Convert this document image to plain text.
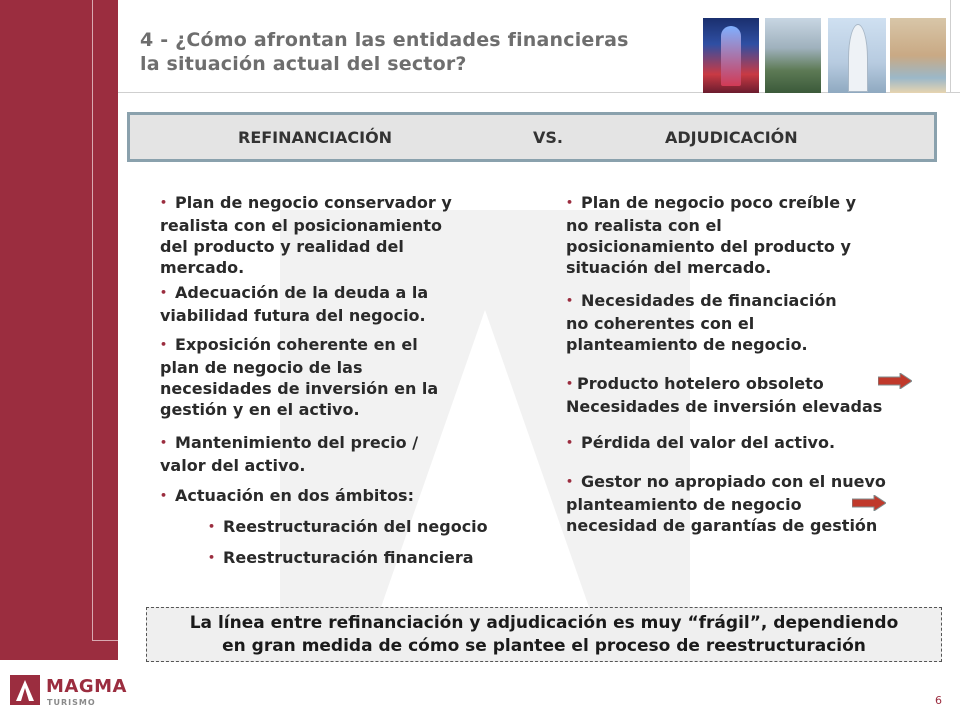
4 - ¿Cómo afrontan las entidades financieras
la situación actual del sector?
REFINANCIACIÓN	VS.	ADJUDICACIÓN
• Plan de negocio conservador y
realista con el posicionamiento
del producto y realidad del
mercado.
• Adecuación de la deuda a la
viabilidad futura del negocio.
• Exposición coherente en el
plan de negocio de las
necesidades de inversión en la
gestión y en el activo.
• Mantenimiento del precio /
valor del activo.
• Actuación en dos ámbitos:
• Reestructuración del negocio
• Reestructuración financiera
• Plan de negocio poco creíble y
no realista con el
posicionamiento del producto y
situación del mercado.
• Necesidades de financiación
no coherentes con el
planteamiento de negocio.
• Producto hotelero obsoleto
Necesidades de inversión elevadas
• Pérdida del valor del activo.
• Gestor no apropiado con el nuevo
planteamiento de negocio
necesidad de garantías de gestión
La línea entre refinanciación y adjudicación es muy “frágil”, dependiendo
en gran medida de cómo se plantee el proceso de reestructuración
MAGMA
TURISMO	6
